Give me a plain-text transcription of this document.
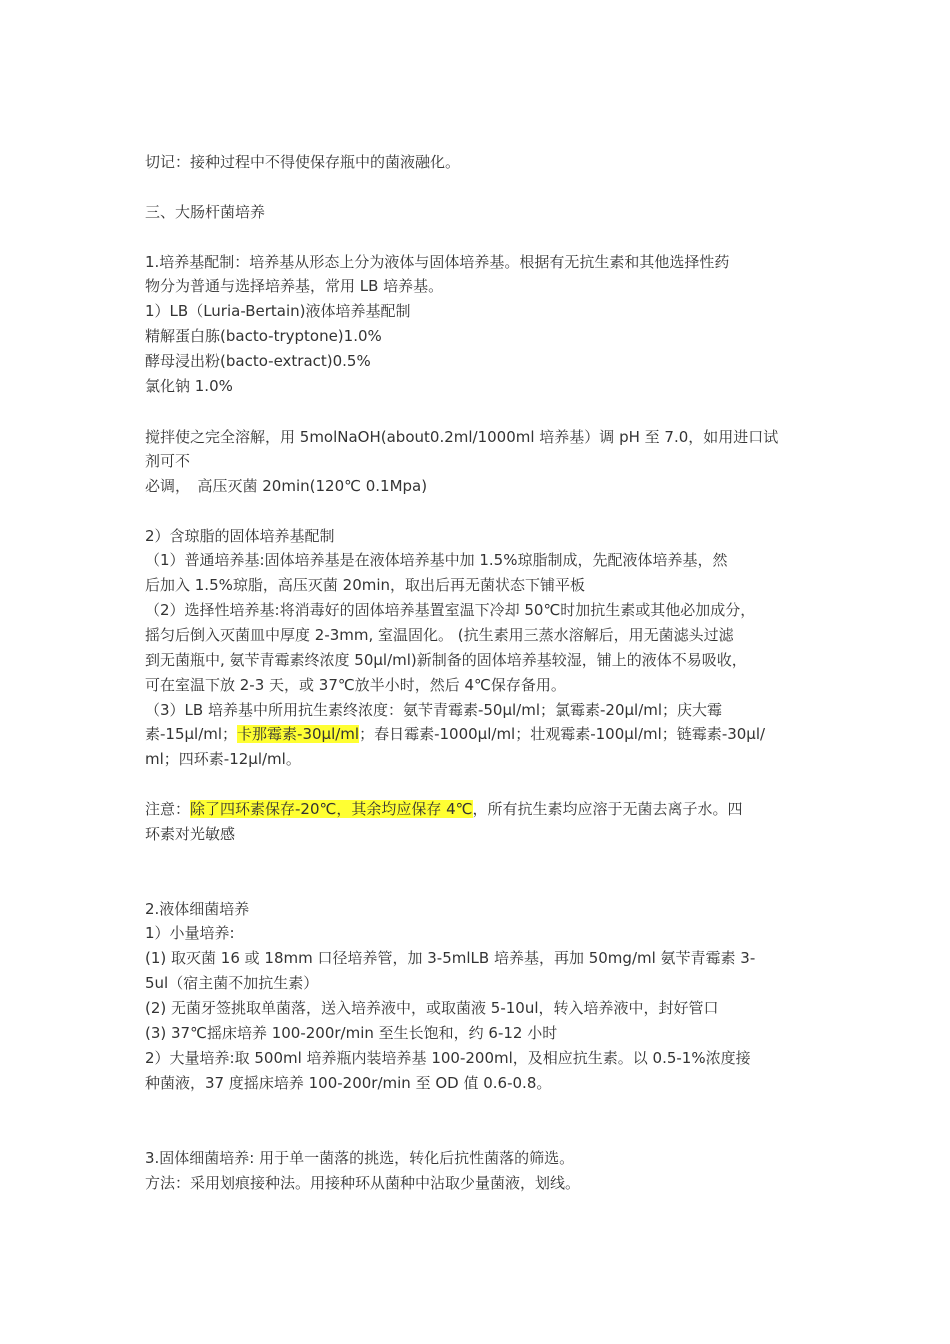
切记：接种过程中不得使保存瓶中的菌液融化。
三、大肠杆菌培养
1.培养基配制：培养基从形态上分为液体与固体培养基。根据有无抗生素和其他选择性药
物分为普通与选择培养基，常用 LB 培养基。
1）LB（Luria-Bertain)液体培养基配制
精解蛋白胨(bacto-tryptone)1.0%
酵母浸出粉(bacto-extract)0.5%
氯化钠 1.0%
搅拌使之完全溶解，用 5molNaOH(about0.2ml/1000ml 培养基）调 pH 至 7.0，如用进口试
剂可不
必调，　高压灭菌 20min(120℃ 0.1Mpa)
2）含琼脂的固体培养基配制
（1）普通培养基:固体培养基是在液体培养基中加 1.5%琼脂制成，先配液体培养基，然
后加入 1.5%琼脂，高压灭菌 20min，取出后再无菌状态下铺平板
（2）选择性培养基:将消毒好的固体培养基置室温下冷却 50℃时加抗生素或其他必加成分，
摇匀后倒入灭菌皿中厚度 2-3mm, 室温固化。 (抗生素用三蒸水溶解后，用无菌滤头过滤
到无菌瓶中, 氨苄青霉素终浓度 50μl/ml)新制备的固体培养基较湿，铺上的液体不易吸收，
可在室温下放 2-3 天，或 37℃放半小时，然后 4℃保存备用。
（3）LB 培养基中所用抗生素终浓度：氨苄青霉素-50μl/ml；氯霉素-20μl/ml；庆大霉
素-15μl/ml；卡那霉素-30μl/ml；春日霉素-1000μl/ml；壮观霉素-100μl/ml；链霉素-30μl/
ml；四环素-12μl/ml。
注意：除了四环素保存-20℃，其余均应保存 4℃，所有抗生素均应溶于无菌去离子水。四
环素对光敏感
2.液体细菌培养
1）小量培养:
(1) 取灭菌 16 或 18mm 口径培养管，加 3-5mlLB 培养基，再加 50mg/ml 氨苄青霉素 3-
5ul（宿主菌不加抗生素）
(2) 无菌牙签挑取单菌落，送入培养液中，或取菌液 5-10ul，转入培养液中，封好管口
(3) 37℃摇床培养 100-200r/min 至生长饱和，约 6-12 小时
2）大量培养:取 500ml 培养瓶内装培养基 100-200ml，及相应抗生素。以 0.5-1%浓度接
种菌液，37 度摇床培养 100-200r/min 至 OD 值 0.6-0.8。
3.固体细菌培养: 用于单一菌落的挑选，转化后抗性菌落的筛选。
方法：采用划痕接种法。用接种环从菌种中沾取少量菌液，划线。
